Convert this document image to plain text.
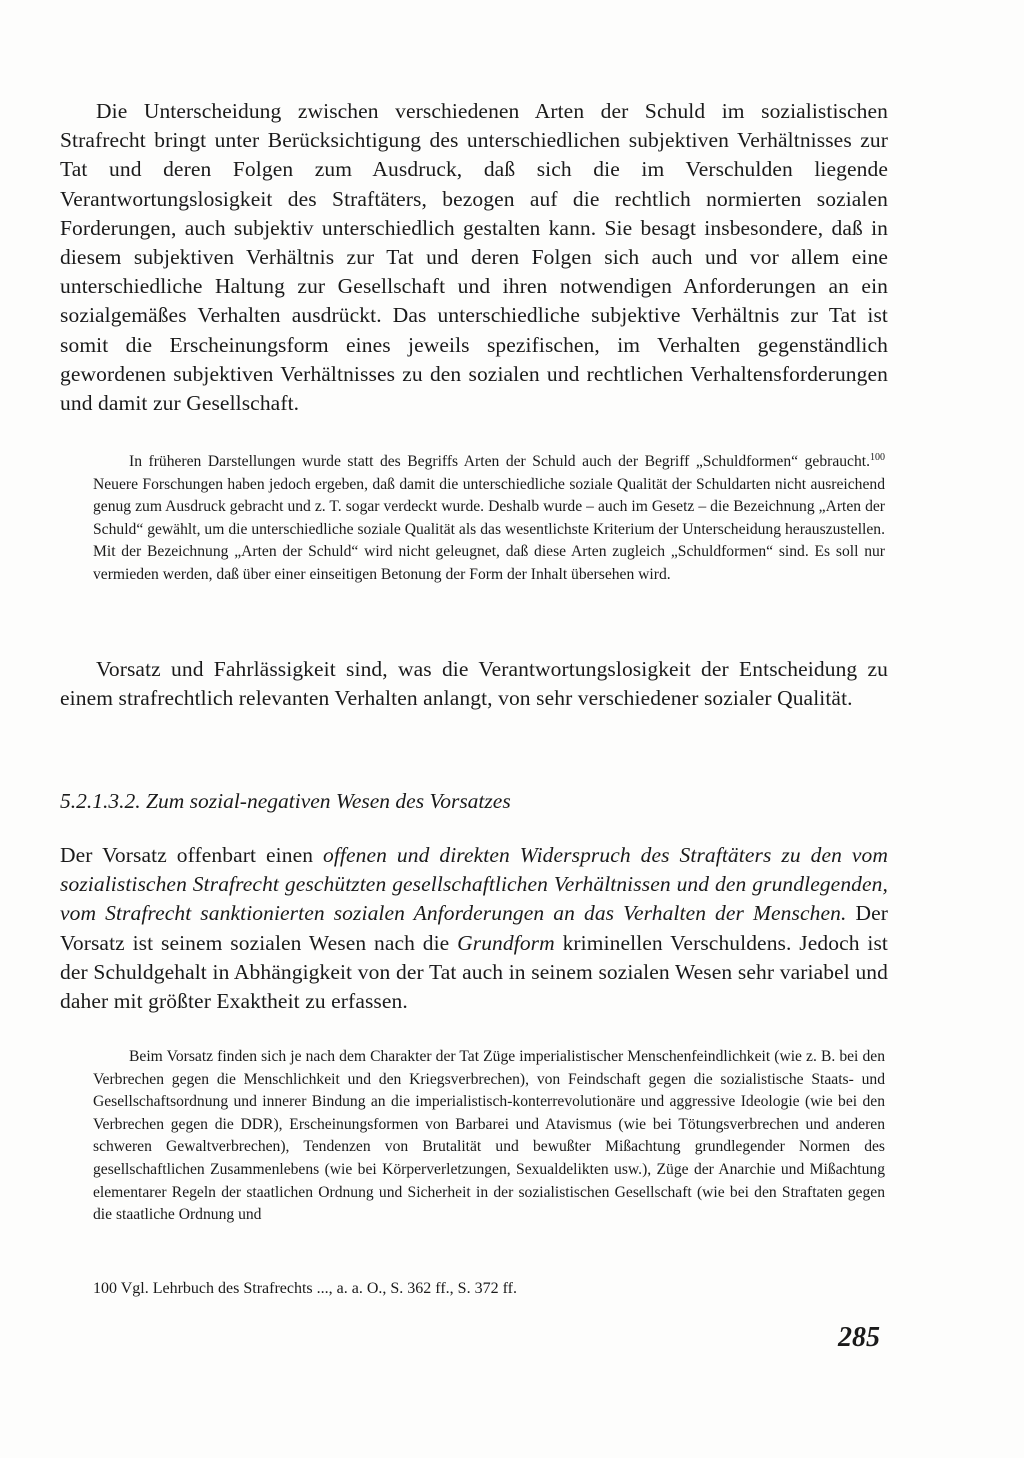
Die Unterscheidung zwischen verschiedenen Arten der Schuld im sozialistischen Strafrecht bringt unter Berücksichtigung des unterschiedlichen subjektiven Verhältnisses zur Tat und deren Folgen zum Ausdruck, daß sich die im Verschulden liegende Verantwortungslosigkeit des Straftäters, bezogen auf die rechtlich normierten sozialen Forderungen, auch subjektiv unterschiedlich gestalten kann. Sie besagt insbesondere, daß in diesem subjektiven Verhältnis zur Tat und deren Folgen sich auch und vor allem eine unterschiedliche Haltung zur Gesellschaft und ihren notwendigen Anforderungen an ein sozialgemäßes Verhalten ausdrückt. Das unterschiedliche subjektive Verhältnis zur Tat ist somit die Erscheinungsform eines jeweils spezifischen, im Verhalten gegenständlich gewordenen subjektiven Verhältnisses zu den sozialen und rechtlichen Verhaltensforderungen und damit zur Gesellschaft.

In früheren Darstellungen wurde statt des Begriffs Arten der Schuld auch der Begriff „Schuldformen“ gebraucht.$^{100}$ Neuere Forschungen haben jedoch ergeben, daß damit die unterschiedliche soziale Qualität der Schuldarten nicht ausreichend genug zum Ausdruck gebracht und z. T. sogar verdeckt wurde. Deshalb wurde – auch im Gesetz – die Bezeichnung „Arten der Schuld“ gewählt, um die unterschiedliche soziale Qualität als das wesentlichste Kriterium der Unterscheidung herauszustellen. Mit der Bezeichnung „Arten der Schuld“ wird nicht geleugnet, daß diese Arten zugleich „Schuldformen“ sind. Es soll nur vermieden werden, daß über einer einseitigen Betonung der Form der Inhalt übersehen wird.

Vorsatz und Fahrlässigkeit sind, was die Verantwortungslosigkeit der Entscheidung zu einem strafrechtlich relevanten Verhalten anlangt, von sehr verschiedener sozialer Qualität.

5.2.1.3.2. Zum sozial-negativen Wesen des Vorsatzes

Der Vorsatz offenbart einen offenen und direkten Widerspruch des Straftäters zu den vom sozialistischen Strafrecht geschützten gesellschaftlichen Verhältnissen und den grundlegenden, vom Strafrecht sanktionierten sozialen Anforderungen an das Verhalten der Menschen. Der Vorsatz ist seinem sozialen Wesen nach die Grundform kriminellen Verschuldens. Jedoch ist der Schuldgehalt in Abhängigkeit von der Tat auch in seinem sozialen Wesen sehr variabel und daher mit größter Exaktheit zu erfassen.

Beim Vorsatz finden sich je nach dem Charakter der Tat Züge imperialistischer Menschenfeindlichkeit (wie z. B. bei den Verbrechen gegen die Menschlichkeit und den Kriegsverbrechen), von Feindschaft gegen die sozialistische Staats- und Gesellschaftsordnung und innerer Bindung an die imperialistisch-konterrevolutionäre und aggressive Ideologie (wie bei den Verbrechen gegen die DDR), Erscheinungsformen von Barbarei und Atavismus (wie bei Tötungsverbrechen und anderen schweren Gewaltverbrechen), Tendenzen von Brutalität und bewußter Mißachtung grundlegender Normen des gesellschaftlichen Zusammenlebens (wie bei Körperverletzungen, Sexualdelikten usw.), Züge der Anarchie und Mißachtung elementarer Regeln der staatlichen Ordnung und Sicherheit in der sozialistischen Gesellschaft (wie bei den Straftaten gegen die staatliche Ordnung und

100 Vgl. Lehrbuch des Strafrechts ..., a. a. O., S. 362 ff., S. 372 ff.

285
